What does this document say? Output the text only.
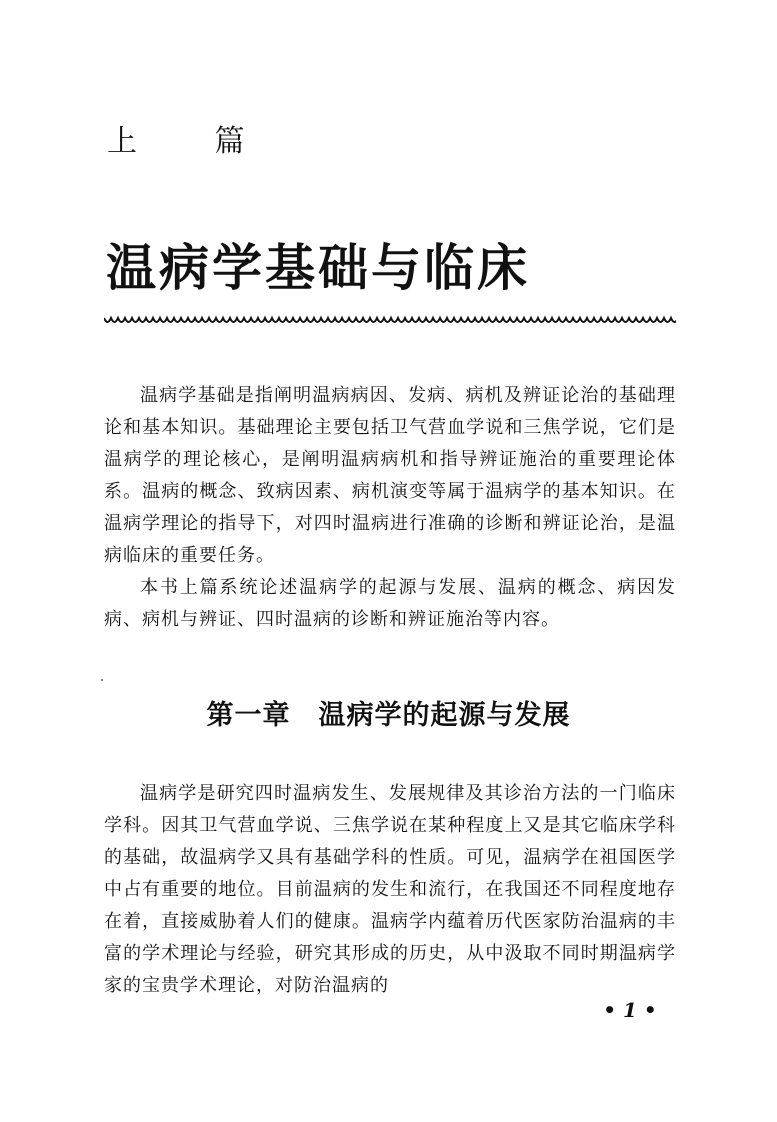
上 篇
温病学基础与临床

温病学基础是指阐明温病病因、发病、病机及辨证论治的基础理论和基本知识。基础理论主要包括卫气营血学说和三焦学说，它们是温病学的理论核心，是阐明温病病机和指导辨证施治的重要理论体系。温病的概念、致病因素、病机演变等属于温病学的基本知识。在温病学理论的指导下，对四时温病进行准确的诊断和辨证论治，是温病临床的重要任务。

本书上篇系统论述温病学的起源与发展、温病的概念、病因发病、病机与辨证、四时温病的诊断和辨证施治等内容。

第一章　温病学的起源与发展

温病学是研究四时温病发生、发展规律及其诊治方法的一门临床学科。因其卫气营血学说、三焦学说在某种程度上又是其它临床学科的基础，故温病学又具有基础学科的性质。可见，温病学在祖国医学中占有重要的地位。目前温病的发生和流行，在我国还不同程度地存在着，直接威胁着人们的健康。温病学内蕴着历代医家防治温病的丰富的学术理论与经验，研究其形成的历史，从中汲取不同时期温病学家的宝贵学术理论，对防治温病的

• 1 •
